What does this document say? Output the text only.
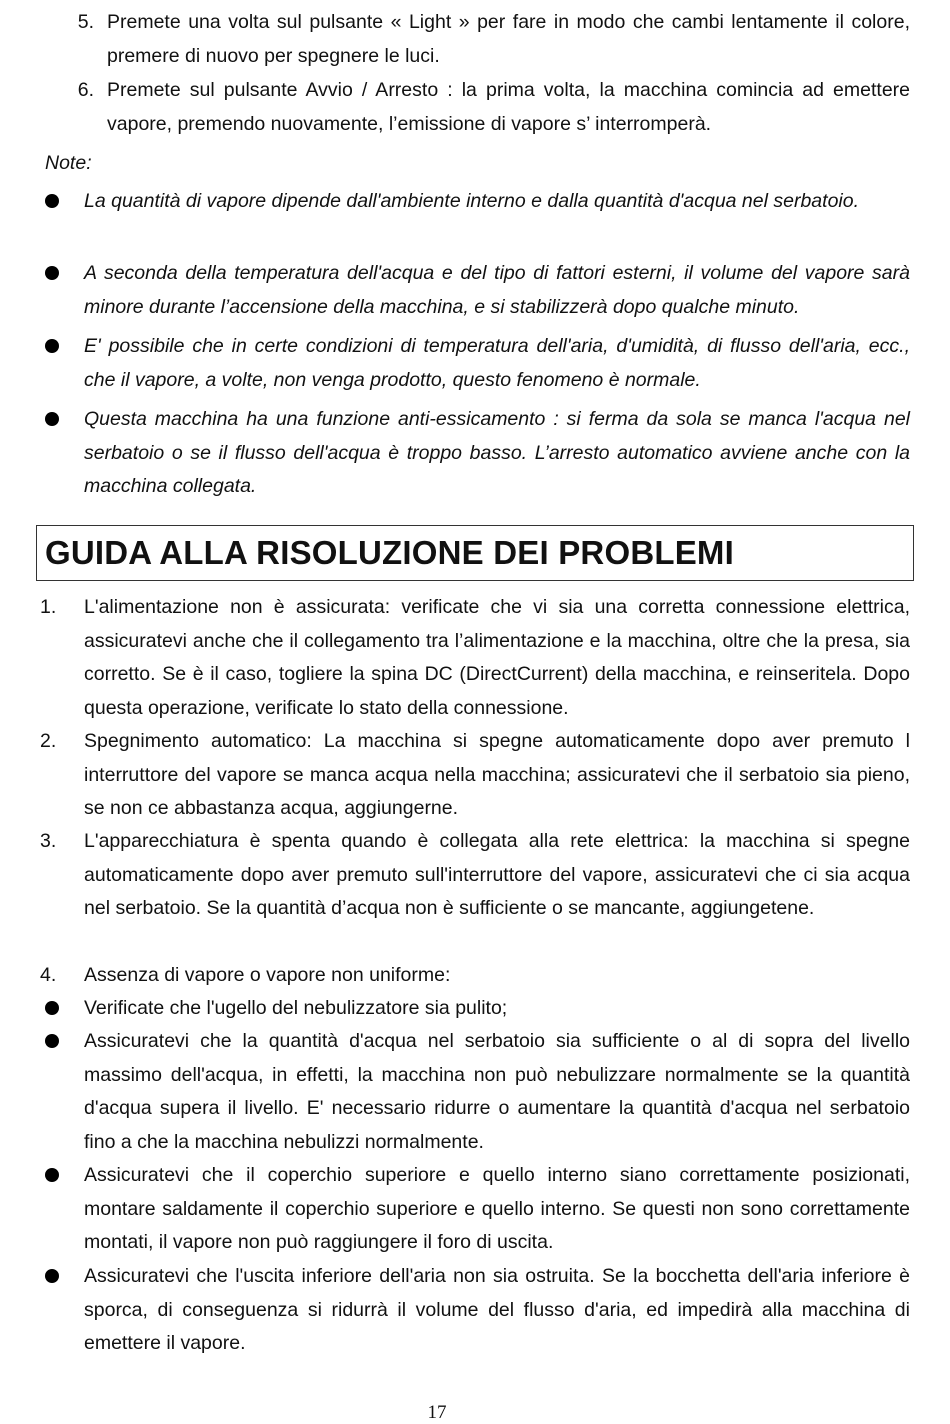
5. Premete una volta sul pulsante « Light » per fare in modo che cambi lentamente il colore, premere di nuovo per spegnere le luci.
6. Premete sul pulsante Avvio / Arresto : la prima volta, la macchina comincia ad emettere vapore, premendo nuovamente, l’emissione di vapore s’ interromperà.
Note:
La quantità di vapore dipende dall'ambiente interno e dalla quantità d'acqua nel serbatoio.
A seconda della temperatura dell'acqua e del tipo di fattori esterni, il volume del vapore sarà minore durante l’accensione della macchina, e si stabilizzerà dopo qualche minuto.
E' possibile che in certe condizioni di temperatura dell'aria, d'umidità, di flusso dell'aria, ecc., che il vapore, a volte, non venga prodotto, questo fenomeno è normale.
Questa macchina ha una funzione anti-essicamento : si ferma da sola se manca l'acqua nel serbatoio o se il flusso dell'acqua è troppo basso. L’arresto automatico avviene anche con la macchina collegata.
GUIDA ALLA RISOLUZIONE DEI PROBLEMI
1.	L'alimentazione non è assicurata: verificate che vi sia una corretta connessione elettrica, assicuratevi anche che il collegamento tra l’alimentazione e la macchina, oltre che la presa, sia corretto. Se è il caso, togliere la spina DC (DirectCurrent) della macchina, e reinseritela. Dopo questa operazione, verificate lo stato della connessione.
2.	Spegnimento automatico: La macchina si spegne automaticamente dopo aver premuto l interruttore del vapore se manca acqua nella macchina; assicuratevi che il serbatoio sia pieno, se non ce abbastanza acqua, aggiungerne.
3.	L'apparecchiatura è spenta quando è collegata alla rete elettrica: la macchina si spegne automaticamente dopo aver premuto sull'interruttore del vapore, assicuratevi che ci sia acqua nel serbatoio. Se la quantità d’acqua non è sufficiente o se mancante, aggiungetene.
4.	Assenza di vapore o vapore non uniforme:
Verificate che l'ugello del nebulizzatore sia pulito;
Assicuratevi che la quantità d'acqua nel serbatoio sia sufficiente o al di sopra del livello massimo dell'acqua, in effetti, la macchina non può nebulizzare normalmente se la quantità d'acqua supera il livello. E' necessario ridurre o aumentare la quantità d'acqua nel serbatoio fino a che la macchina nebulizzi normalmente.
Assicuratevi che il coperchio superiore e quello interno siano correttamente posizionati, montare saldamente il coperchio superiore e quello interno. Se questi non sono correttamente montati, il vapore non può raggiungere il foro di uscita.
Assicuratevi che l'uscita inferiore dell'aria non sia ostruita. Se la bocchetta dell'aria inferiore è sporca, di conseguenza si ridurrà il volume del flusso d'aria, ed impedirà alla macchina di emettere il vapore.
17
